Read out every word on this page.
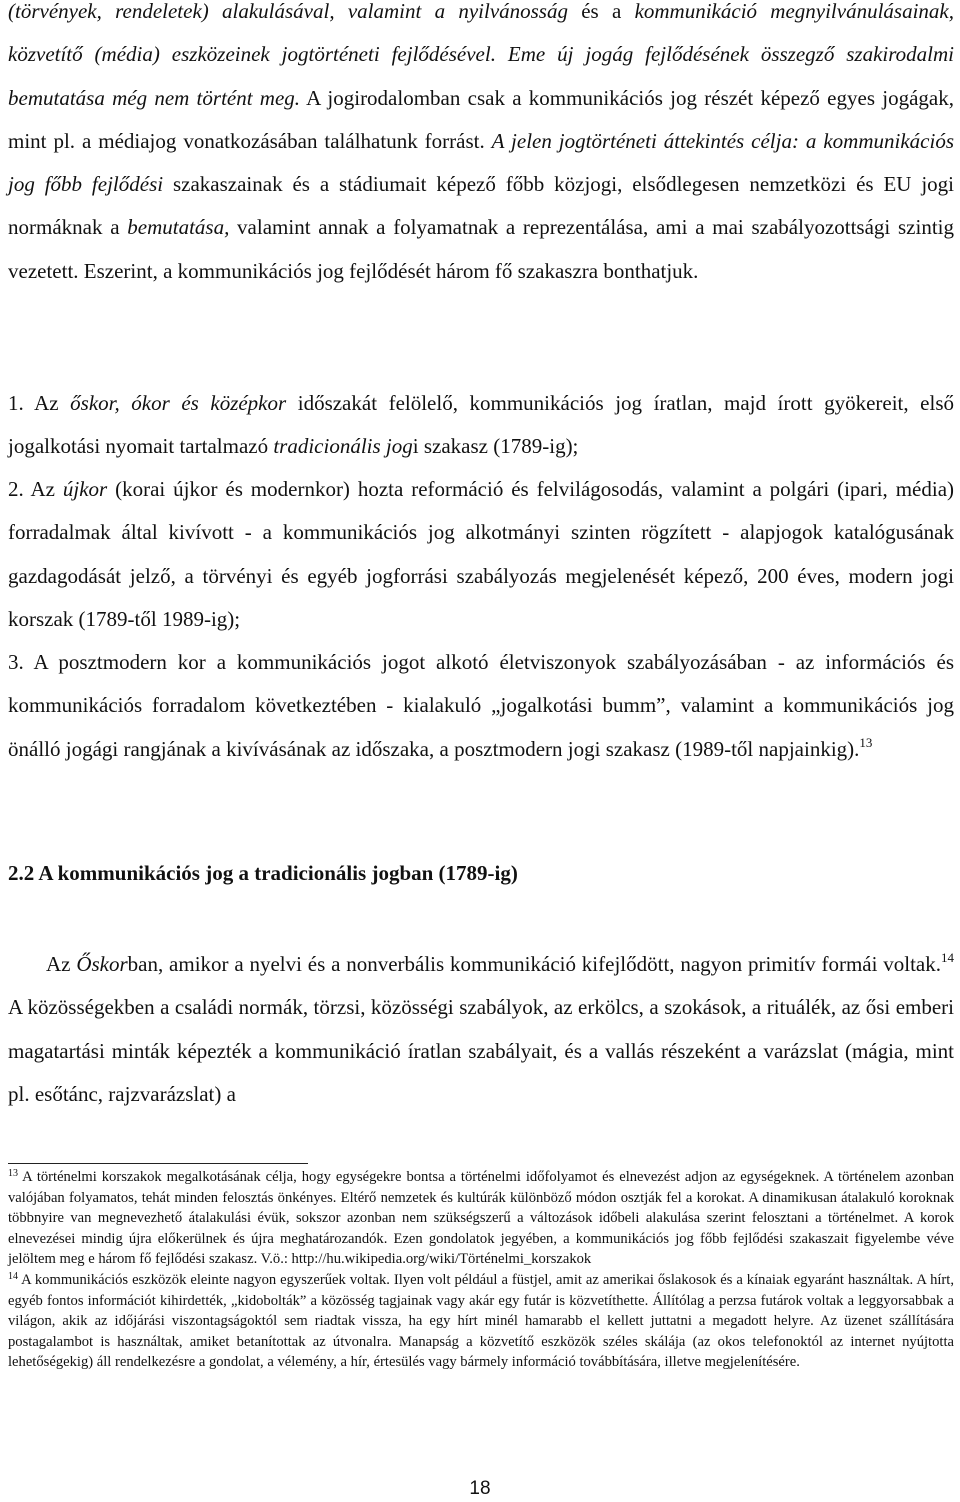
(törvények, rendeletek) alakulásával, valamint a nyilvánosság és a kommunikáció megnyilvánulásainak, közvetítő (média) eszközeinek jogtörténeti fejlődésével. Eme új jogág fejlődésének összegző szakirodalmi bemutatása még nem történt meg. A jogirodalomban csak a kommunikációs jog részét képező egyes jogágak, mint pl. a médiajog vonatkozásában találhatunk forrást. A jelen jogtörténeti áttekintés célja: a kommunikációs jog főbb fejlődési szakaszainak és a stádiumait képező főbb közjogi, elsődlegesen nemzetközi és EU jogi normáknak a bemutatása, valamint annak a folyamatnak a reprezentálása, ami a mai szabályozottsági szintig vezetett. Eszerint, a kommunikációs jog fejlődését három fő szakaszra bonthatjuk.

1. Az őskor, ókor és középkor időszakát felölelő, kommunikációs jog íratlan, majd írott gyökereit, első jogalkotási nyomait tartalmazó tradicionális jogi szakasz (1789-ig);

2. Az újkor (korai újkor és modernkor) hozta reformáció és felvilágosodás, valamint a polgári (ipari, média) forradalmak által kivívott - a kommunikációs jog alkotmányi szinten rögzített - alapjogok katalógusának gazdagodását jelző, a törvényi és egyéb jogforrási szabályozás megjelenését képező, 200 éves, modern jogi korszak (1789-től 1989-ig);

3. A posztmodern kor a kommunikációs jogot alkotó életviszonyok szabályozásában - az információs és kommunikációs forradalom következtében - kialakuló „jogalkotási bumm”, valamint a kommunikációs jog önálló jogági rangjának a kivívásának az időszaka, a posztmodern jogi szakasz (1989-től napjainkig).$^{13}$

2.2 A kommunikációs jog a tradicionális jogban (1789-ig)

Az Őskorban, amikor a nyelvi és a nonverbális kommunikáció kifejlődött, nagyon primitív formái voltak.$^{14}$ A közösségekben a családi normák, törzsi, közösségi szabályok, az erkölcs, a szokások, a rituálék, az ősi emberi magatartási minták képezték a kommunikáció íratlan szabályait, és a vallás részeként a varázslat (mágia, mint pl. esőtánc, rajzvarázslat) a

$^{13}$ A történelmi korszakok megalkotásának célja, hogy egységekre bontsa a történelmi időfolyamot és elnevezést adjon az egységeknek. A történelem azonban valójában folyamatos, tehát minden felosztás önkényes. Eltérő nemzetek és kultúrák különböző módon osztják fel a korokat. A dinamikusan átalakuló koroknak többnyire van megnevezhető átalakulási évük, sokszor azonban nem szükségszerű a változások időbeli alakulása szerint felosztani a történelmet. A korok elnevezései mindig újra előkerülnek és újra meghatározandók. Ezen gondolatok jegyében, a kommunikációs jog főbb fejlődési szakaszait figyelembe véve jelöltem meg e három fő fejlődési szakasz. V.ö.: http://hu.wikipedia.org/wiki/Történelmi_korszakok

$^{14}$ A kommunikációs eszközök eleinte nagyon egyszerűek voltak. Ilyen volt például a füstjel, amit az amerikai őslakosok és a kínaiak egyaránt használtak. A hírt, egyéb fontos információt kihirdették, „kidobolták” a közösség tagjainak vagy akár egy futár is közvetíthette. Állítólag a perzsa futárok voltak a leggyorsabbak a világon, akik az időjárási viszontagságoktól sem riadtak vissza, ha egy hírt minél hamarabb el kellett juttatni a megadott helyre. Az üzenet szállítására postagalambot is használtak, amiket betanítottak az útvonalra. Manapság a közvetítő eszközök széles skálája (az okos telefonoktól az internet nyújtotta lehetőségekig) áll rendelkezésre a gondolat, a vélemény, a hír, értesülés vagy bármely információ továbbítására, illetve megjelenítésére.

18
